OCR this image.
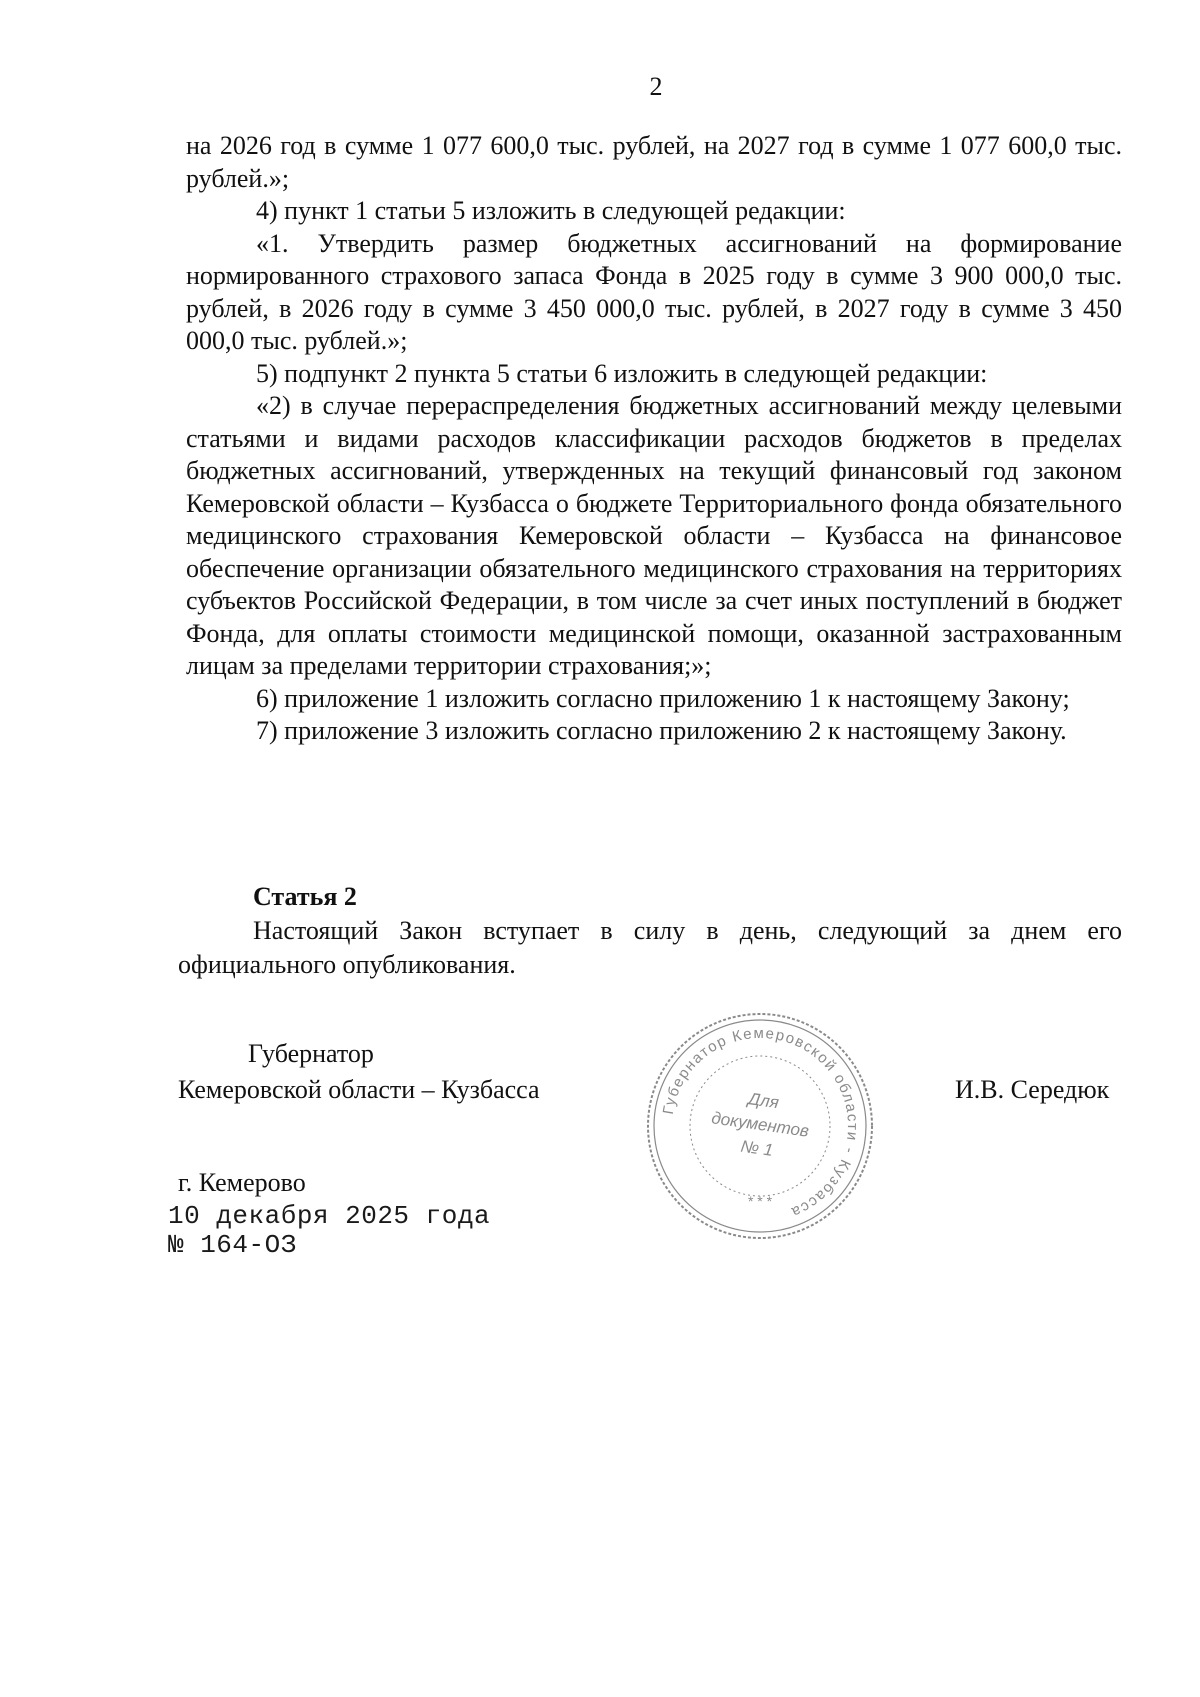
2

на 2026 год в сумме 1 077 600,0 тыс. рублей, на 2027 год в сумме 1 077 600,0 тыс. рублей.»;

4) пункт 1 статьи 5 изложить в следующей редакции:

«1. Утвердить размер бюджетных ассигнований на формирование нормированного страхового запаса Фонда в 2025 году в сумме 3 900 000,0 тыс. рублей, в 2026 году в сумме 3 450 000,0 тыс. рублей, в 2027 году в сумме 3 450 000,0 тыс. рублей.»;

5) подпункт 2 пункта 5 статьи 6 изложить в следующей редакции:

«2) в случае перераспределения бюджетных ассигнований между целевыми статьями и видами расходов классификации расходов бюджетов в пределах бюджетных ассигнований, утвержденных на текущий финансовый год законом Кемеровской области – Кузбасса о бюджете Территориального фонда обязательного медицинского страхования Кемеровской области – Кузбасса на финансовое обеспечение организации обязательного медицинского страхования на территориях субъектов Российской Федерации, в том числе за счет иных поступлений в бюджет Фонда, для оплаты стоимости медицинской помощи, оказанной застрахованным лицам за пределами территории страхования;»;

6) приложение 1 изложить согласно приложению 1 к настоящему Закону;

7) приложение 3 изложить согласно приложению 2 к настоящему Закону.

Статья 2

Настоящий Закон вступает в силу в день, следующий за днем его официального опубликования.

Губернатор
Кемеровской области – Кузбасса
Губернатор Кемеровской области - Кузбасса
Для
документов
№ 1
* * *
И.В. Середюк
г. Кемерово
10 декабря 2025 года
№ 164-ОЗ
